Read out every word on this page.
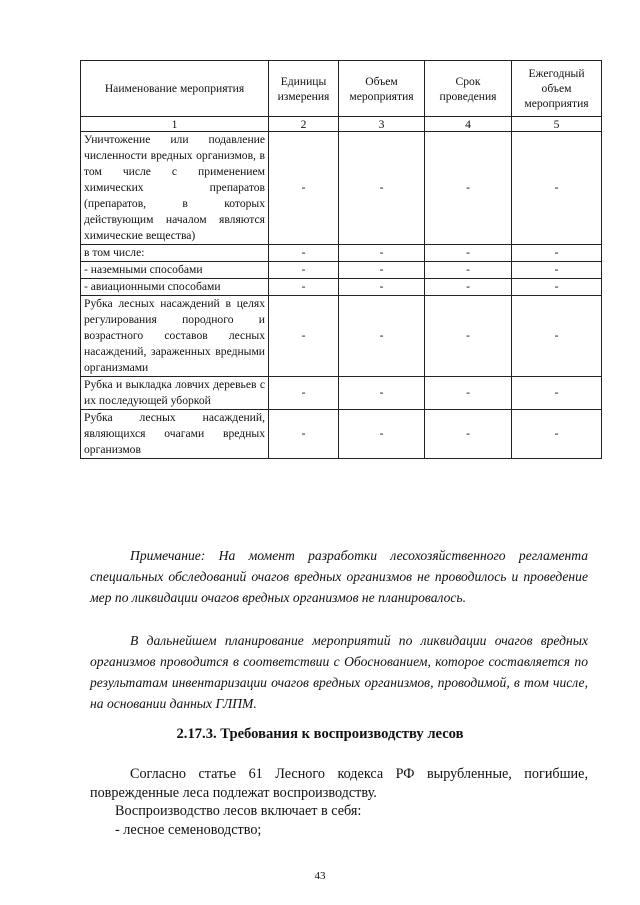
Наименование мероприятия	Единицы измерения	Объем мероприятия	Срок проведения	Ежегодный объем мероприятия
1	2	3	4	5
Уничтожение или подавление численности вредных организмов, в том числе с применением химических препаратов (препаратов, в которых действующим началом являются химические вещества)	-	-	-	-
в том числе:	-	-	-	-
- наземными способами	-	-	-	-
- авиационными способами	-	-	-	-
Рубка лесных насаждений в целях регулирования породного и возрастного составов лесных насаждений, зараженных вредными организмами	-	-	-	-
Рубка и выкладка ловчих деревьев с их последующей уборкой	-	-	-	-
Рубка лесных насаждений, являющихся очагами вредных организмов	-	-	-	-

Примечание: На момент разработки лесохозяйственного регламента специальных обследований очагов вредных организмов не проводилось и проведение мер по ликвидации очагов вредных организмов не планировалось.

В дальнейшем планирование мероприятий по ликвидации очагов вредных организмов проводится в соответствии с Обоснованием, которое составляется по результатам инвентаризации очагов вредных организмов, проводимой, в том числе, на основании данных ГЛПМ.

2.17.3. Требования к воспроизводству лесов

Согласно статье 61 Лесного кодекса РФ вырубленные, погибшие, поврежденные леса подлежат воспроизводству.

Воспроизводство лесов включает в себя:

- лесное семеноводство;

43
